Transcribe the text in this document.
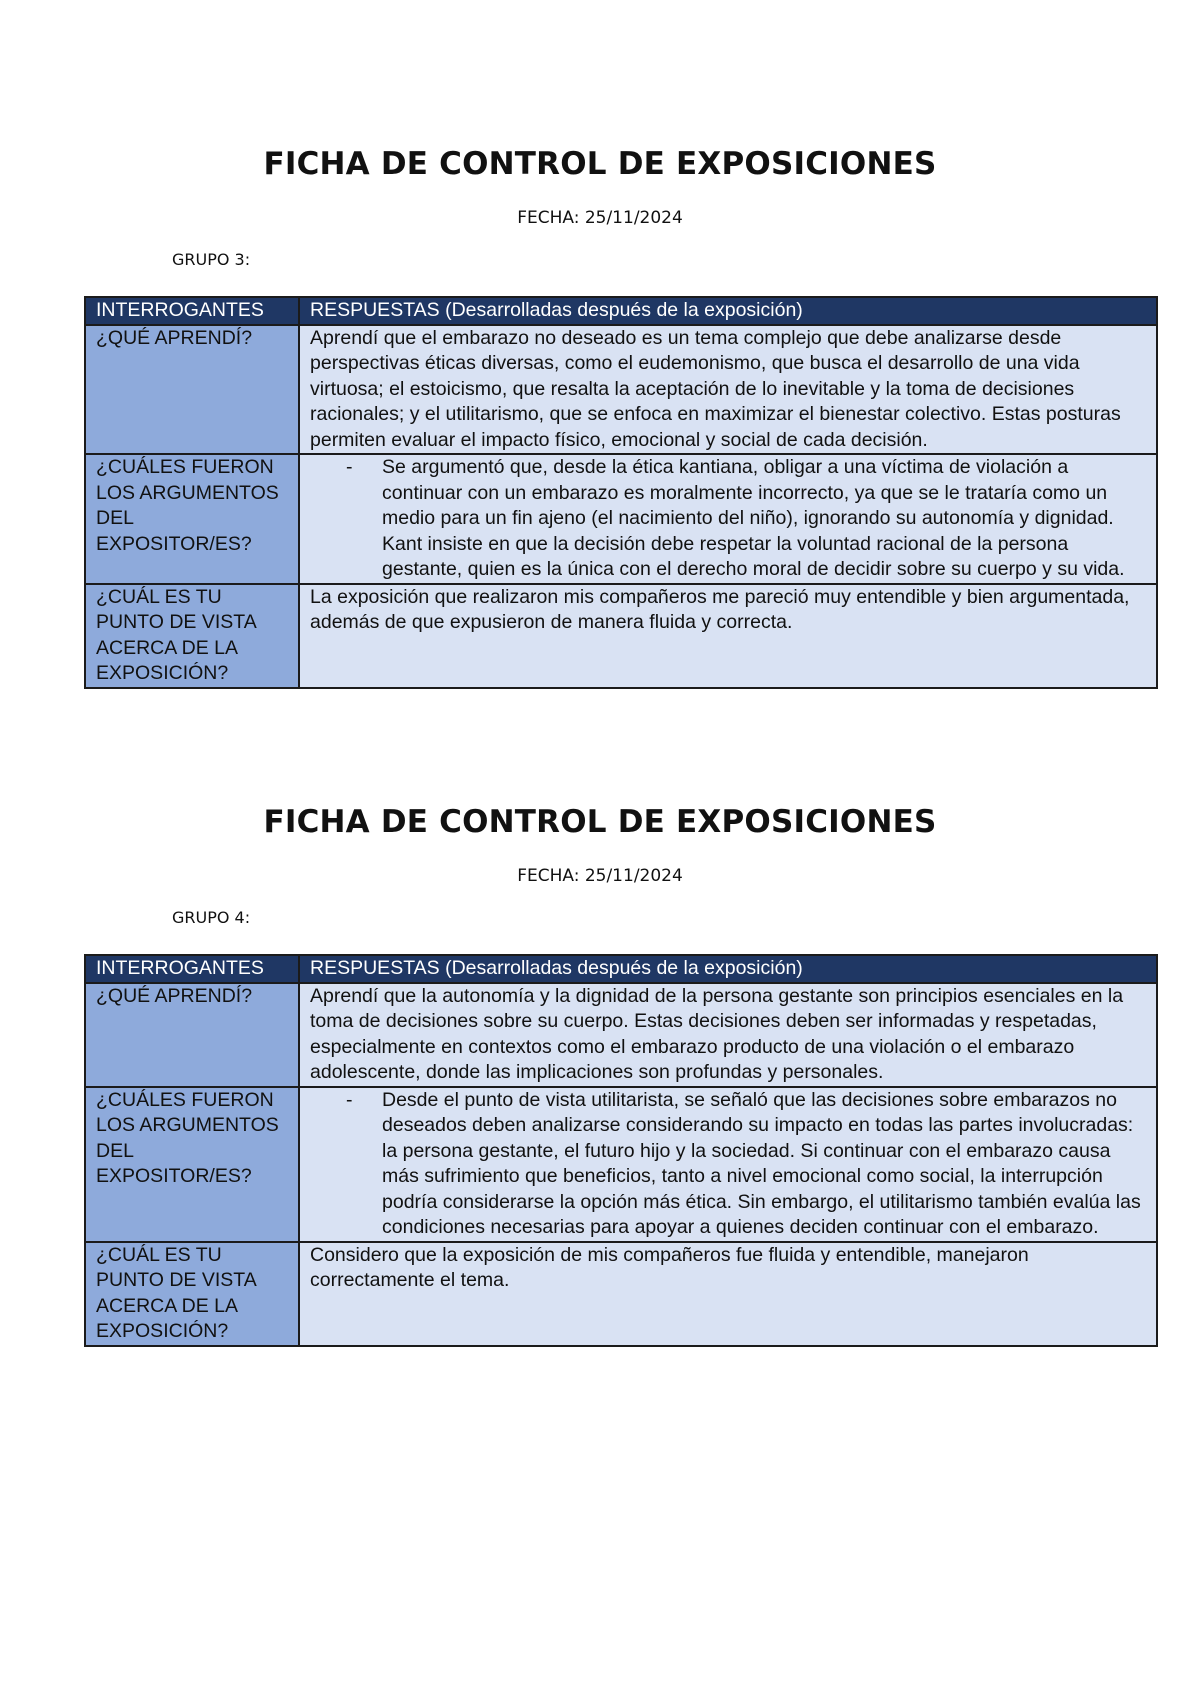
FICHA DE CONTROL DE EXPOSICIONES
FECHA: 25/11/2024
GRUPO 3:
INTERROGANTES	RESPUESTAS (Desarrolladas después de la exposición)
¿QUÉ APRENDÍ?	Aprendí que el embarazo no deseado es un tema complejo que debe analizarse desde perspectivas éticas diversas, como el eudemonismo, que busca el desarrollo de una vida virtuosa; el estoicismo, que resalta la aceptación de lo inevitable y la toma de decisiones racionales; y el utilitarismo, que se enfoca en maximizar el bienestar colectivo. Estas posturas permiten evaluar el impacto físico, emocional y social de cada decisión.
¿CUÁLES FUERON LOS ARGUMENTOS DEL EXPOSITOR/ES?	- Se argumentó que, desde la ética kantiana, obligar a una víctima de violación a continuar con un embarazo es moralmente incorrecto, ya que se le trataría como un medio para un fin ajeno (el nacimiento del niño), ignorando su autonomía y dignidad. Kant insiste en que la decisión debe respetar la voluntad racional de la persona gestante, quien es la única con el derecho moral de decidir sobre su cuerpo y su vida.

¿CUÁL ES TU PUNTO DE VISTA ACERCA DE LA EXPOSICIÓN?	La exposición que realizaron mis compañeros me pareció muy entendible y bien argumentada, además de que expusieron de manera fluida y correcta.
FICHA DE CONTROL DE EXPOSICIONES
FECHA: 25/11/2024
GRUPO 4:
INTERROGANTES	RESPUESTAS (Desarrolladas después de la exposición)
¿QUÉ APRENDÍ?	Aprendí que la autonomía y la dignidad de la persona gestante son principios esenciales en la toma de decisiones sobre su cuerpo. Estas decisiones deben ser informadas y respetadas, especialmente en contextos como el embarazo producto de una violación o el embarazo adolescente, donde las implicaciones son profundas y personales.
¿CUÁLES FUERON LOS ARGUMENTOS DEL EXPOSITOR/ES?	- Desde el punto de vista utilitarista, se señaló que las decisiones sobre embarazos no deseados deben analizarse considerando su impacto en todas las partes involucradas: la persona gestante, el futuro hijo y la sociedad. Si continuar con el embarazo causa más sufrimiento que beneficios, tanto a nivel emocional como social, la interrupción podría considerarse la opción más ética. Sin embargo, el utilitarismo también evalúa las condiciones necesarias para apoyar a quienes deciden continuar con el embarazo.

¿CUÁL ES TU PUNTO DE VISTA ACERCA DE LA EXPOSICIÓN?	Considero que la exposición de mis compañeros fue fluida y entendible, manejaron correctamente el tema.
